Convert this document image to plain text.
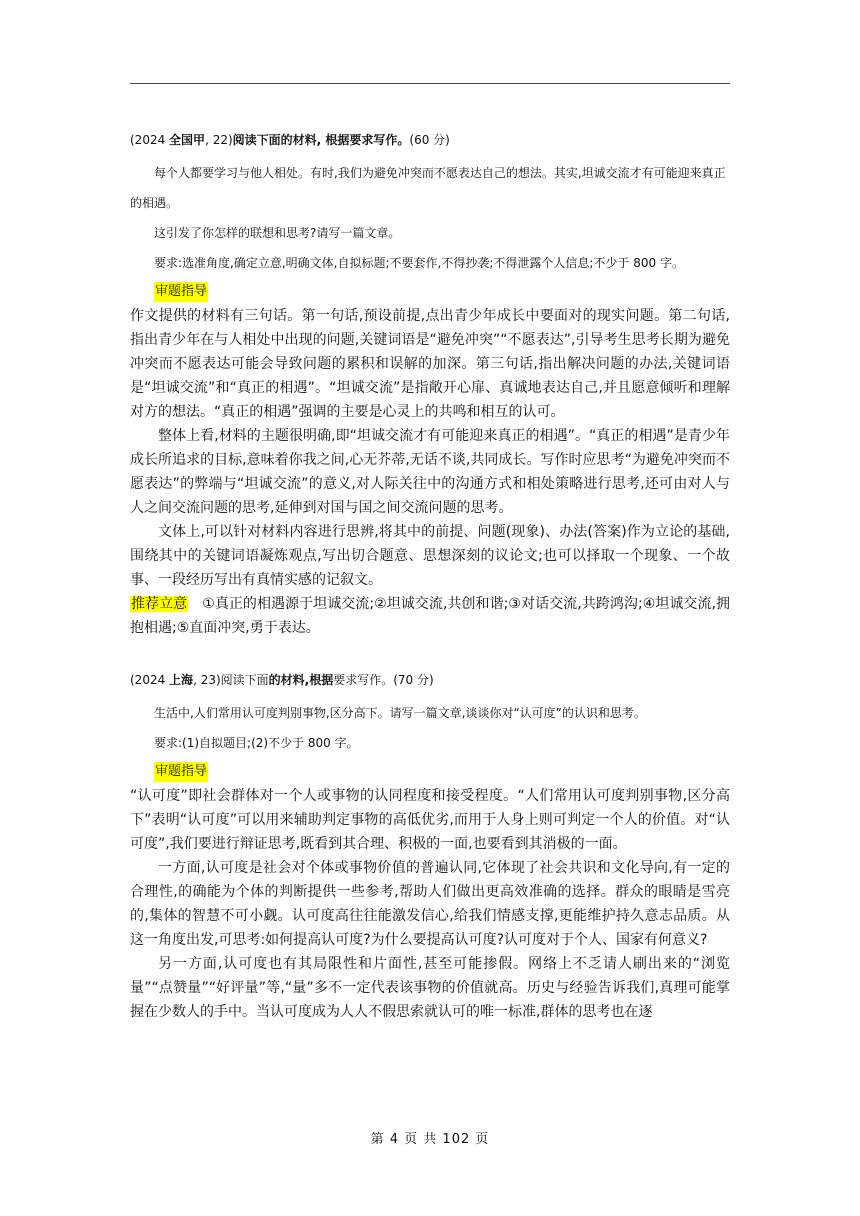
(2024 全国甲, 22)阅读下面的材料, 根据要求写作。(60 分)

每个人都要学习与他人相处。有时,我们为避免冲突而不愿表达自己的想法。其实,坦诚交流才有可能迎来真正的相遇。

这引发了你怎样的联想和思考?请写一篇文章。

要求:选准角度,确定立意,明确文体,自拟标题;不要套作,不得抄袭;不得泄露个人信息;不少于 800 字。

审题指导

作文提供的材料有三句话。第一句话,预设前提,点出青少年成长中要面对的现实问题。第二句话,指出青少年在与人相处中出现的问题,关键词语是“避免冲突”“不愿表达”,引导考生思考长期为避免冲突而不愿表达可能会导致问题的累积和误解的加深。第三句话,指出解决问题的办法,关键词语是“坦诚交流”和“真正的相遇”。“坦诚交流”是指敞开心扉、真诚地表达自己,并且愿意倾听和理解对方的想法。“真正的相遇”强调的主要是心灵上的共鸣和相互的认可。

整体上看,材料的主题很明确,即“坦诚交流才有可能迎来真正的相遇”。“真正的相遇”是青少年成长所追求的目标,意味着你我之间,心无芥蒂,无话不谈,共同成长。写作时应思考“为避免冲突而不愿表达”的弊端与“坦诚交流”的意义,对人际关往中的沟通方式和相处策略进行思考,还可由对人与人之间交流问题的思考,延伸到对国与国之间交流问题的思考。

文体上,可以针对材料内容进行思辨,将其中的前提、问题(现象)、办法(答案)作为立论的基础,围绕其中的关键词语凝炼观点,写出切合题意、思想深刻的议论文;也可以择取一个现象、一个故事、一段经历写出有真情实感的记叙文。

推荐立意 ①真正的相遇源于坦诚交流;②坦诚交流,共创和谐;③对话交流,共跨鸿沟;④坦诚交流,拥抱相遇;⑤直面冲突,勇于表达。

(2024 上海, 23)阅读下面的材料,根据要求写作。(70 分)

生活中,人们常用认可度判别事物,区分高下。请写一篇文章,谈谈你对“认可度”的认识和思考。

要求:(1)自拟题目;(2)不少于 800 字。

审题指导

“认可度”即社会群体对一个人或事物的认同程度和接受程度。“人们常用认可度判别事物,区分高下”表明“认可度”可以用来辅助判定事物的高低优劣,而用于人身上则可判定一个人的价值。对“认可度”,我们要进行辩证思考,既看到其合理、积极的一面,也要看到其消极的一面。

一方面,认可度是社会对个体或事物价值的普遍认同,它体现了社会共识和文化导向,有一定的合理性,的确能为个体的判断提供一些参考,帮助人们做出更高效准确的选择。群众的眼睛是雪亮的,集体的智慧不可小觑。认可度高往往能激发信心,给我们情感支撑,更能维护持久意志品质。从这一角度出发,可思考:如何提高认可度?为什么要提高认可度?认可度对于个人、国家有何意义?

另一方面,认可度也有其局限性和片面性,甚至可能掺假。网络上不乏请人刷出来的“浏览量”“点赞量”“好评量”等,“量”多不一定代表该事物的价值就高。历史与经验告诉我们,真理可能掌握在少数人的手中。当认可度成为人人不假思索就认可的唯一标准,群体的思考也在逐

第 4 页 共 102 页
